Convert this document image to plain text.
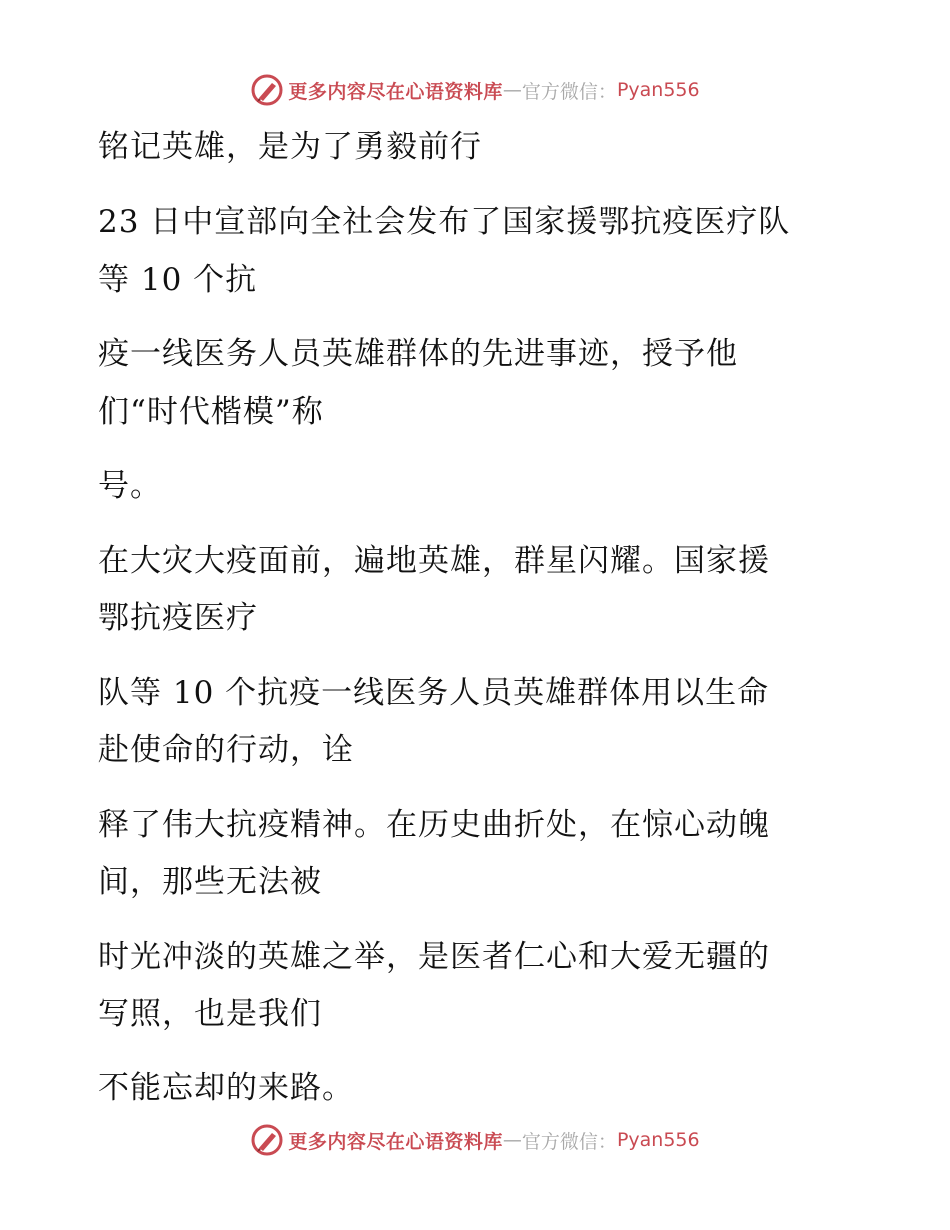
更多内容尽在心语资料库 — 官方微信： Pyan556
铭记英雄，是为了勇毅前行
23 日中宣部向全社会发布了国家援鄂抗疫医疗队
等 10 个抗
疫一线医务人员英雄群体的先进事迹，授予他
们“时代楷模”称
号。
在大灾大疫面前，遍地英雄，群星闪耀。国家援
鄂抗疫医疗
队等 10 个抗疫一线医务人员英雄群体用以生命
赴使命的行动，诠
释了伟大抗疫精神。在历史曲折处，在惊心动魄
间，那些无法被
时光冲淡的英雄之举，是医者仁心和大爱无疆的
写照，也是我们
不能忘却的来路。
更多内容尽在心语资料库 — 官方微信： Pyan556
